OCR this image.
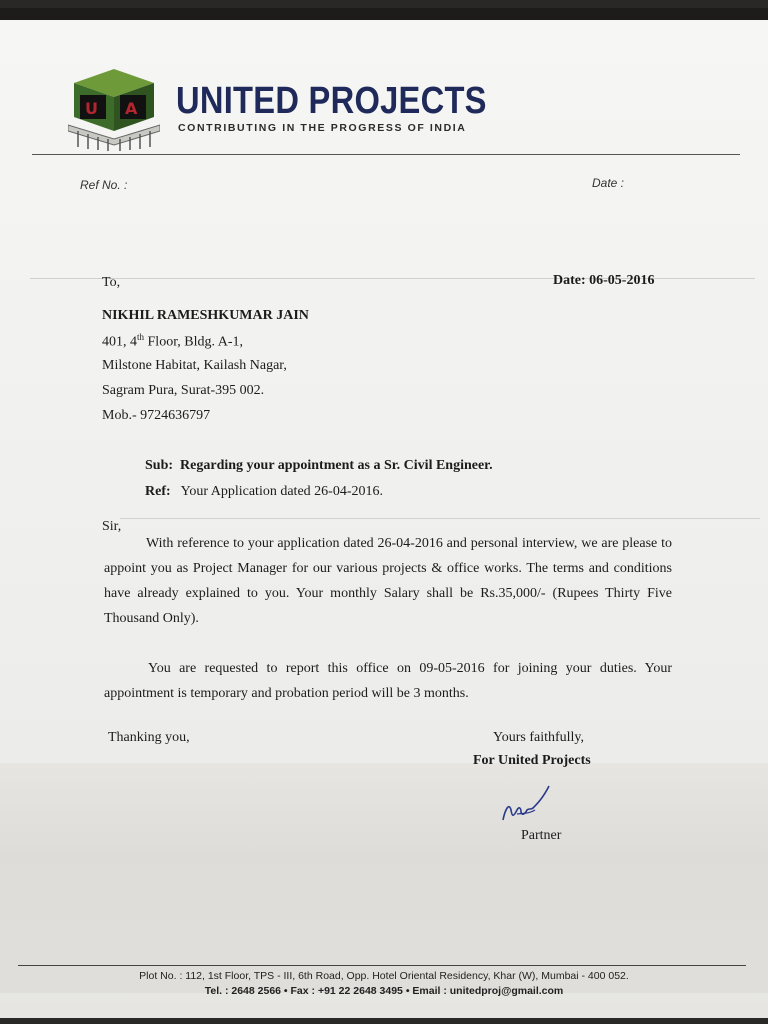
U A UNITED PROJECTS
CONTRIBUTING IN THE PROGRESS OF INDIA
Ref No. :	Date :
To,	Date: 06-05-2016
NIKHIL RAMESHKUMAR JAIN
401, 4th Floor, Bldg. A-1,
Milstone Habitat, Kailash Nagar,
Sagram Pura, Surat-395 002.
Mob.- 9724636797
Sub: Regarding your appointment as a Sr. Civil Engineer.
Ref: Your Application dated 26-04-2016.
Sir,
With reference to your application dated 26-04-2016 and personal interview, we are please to appoint you as Project Manager for our various projects & office works. The terms and conditions have already explained to you. Your monthly Salary shall be Rs.35,000/- (Rupees Thirty Five Thousand Only).
You are requested to report this office on 09-05-2016 for joining your duties. Your appointment is temporary and probation period will be 3 months.
Thanking you,	Yours faithfully,
For United Projects
Partner
Plot No. : 112, 1st Floor, TPS - III, 6th Road, Opp. Hotel Oriental Residency, Khar (W), Mumbai - 400 052.
Tel. : 2648 2566 • Fax : +91 22 2648 3495 • Email : unitedproj@gmail.com
